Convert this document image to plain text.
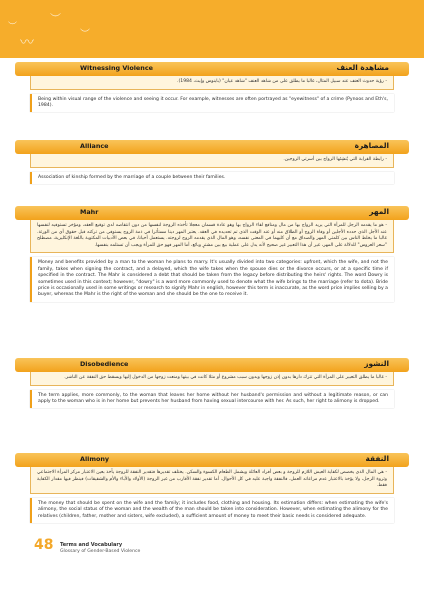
〰
︶
︶
︶
Witnessing Violence	مشاهدة العنف
- رؤية حدوث العنف عند سبيل المثال، غالبا ما يطلق على من شاهد العنف "شاهد عيان" (باينوس وإيث، 1984).
Being within visual range of the violence and seeing it occur. For example, witnesses are often portrayed as "eyewitness" of a crime (Pynoos and Eth's, 1984).
Alliance	المصاهرة
- رابطة القرابة التي يُنشِئها الزواج بين أسرتي الزوجين.
Association of kinship formed by the marriage of a couple between their families.
Mahr	المهر
- هو ما يقدمه الرجل للمرأة التي يريد الزواج بها من مال ومنافع لقاء الزواج بها وهو عادة قسمان معجلا تأخذه الزوجة لنفسها من دون انتقاصه لدى توقيع العقد، ومؤخر تستوفيه لنفسها عند الأجل الذي حدده الأجلين أو وفاة الزوج أو الطلاق منه أو عند الوقت الذي تم تحديده في العقد. يعتبر المهر دينا مستأثرا في ذمة الزوج يستوفى من تركته قبل حقوق أي من الورثة. غالبا ما يخلط الناس بين كلمتي المهر والصداق مع أن كليهما في المعنى نفسه، وهو المال الذي يقدمه الزوج لزوجته. يستعمل أحيانا، في بعض الأدبيات المكتوبة باللغة الإنكليزية، مصطلح "سعر العروس" للدلالة على المهر، غير أن هذا التعبير غير صحيح لأنه يدل على عملية بيع بين مشترٍ وبائع، أما المهر فهو حق للمرأة ويجب أن تستلمه بنفسها.
Money and benefits provided by a man to the woman he plans to marry. It's usually divided into two categories: upfront, which the wife, and not the family, takes when signing the contract, and a delayed, which the wife takes when the spouse dies or the divorce occurs, or at a specific time if specified in the contract. The Mahr is considered a debt that should be taken from the legacy before distributing the heirs' rights. The word Dowry is sometimes used in this context; however, "dowry" is a word more commonly used to denote what the wife brings to the marriage (refer to dota). Bride price is occasionally used in some writings or research to signify Mahr in english, however this term is inaccurate, as the word price implies selling by a buyer, whereas the Mahr is the right of the woman and she should be the one to receive it.
Disobedience	النشوز
- غالبا ما يطلق التعبير على المرأة التي تترك دارها بدون إذن زوجها وبدون سبب مشروع أو مثلا كانت في بيتها ومنعت زوجها من الدخول إليها ويسقط حق النفقة عن الناشز.
The term applies, more commonly, to the woman that leaves her home without her husband's permission and without a legitimate reason, or can apply to the woman who is in her home but prevents her husband from having sexual intercourse with her. As such, her right to alimony is dropped.
Alimony	النفقة
- هي المال الذي يخصص لكفاية العيش اللازم للزوجة و بعض أفراد العائلة ويشمل الطعام الكسوة والسكن. يختلف تقديرها فتقدير النفقة للزوجة يأخذ بعين الاعتبار مركز المرأة الاجتماعي وثروة الرجل، ولا يؤخذ بالاعتبار عدم مراعاته العمل، فالنفقة واجبة عليه في كل الأحوال. أما تقدير نفقة الأقارب من غير الزوجة (الأولاد والأباء والأم والشقيقات) فينظر فيها مقدار الكفاية فقط.
The money that should be spent on the wife and the family; it includes food, clothing and housing. Its estimation differs: when estimating the wife's alimony, the social status of the woman and the wealth of the man should be taken into consideration. However, when estimating the alimony for the relatives (children, father, mother and sisters, wife excluded), a sufficient amount of money to meet their basic needs is considered adequate.
48 Terms and Vocabulary
Glossary of Gender-Based Violence
